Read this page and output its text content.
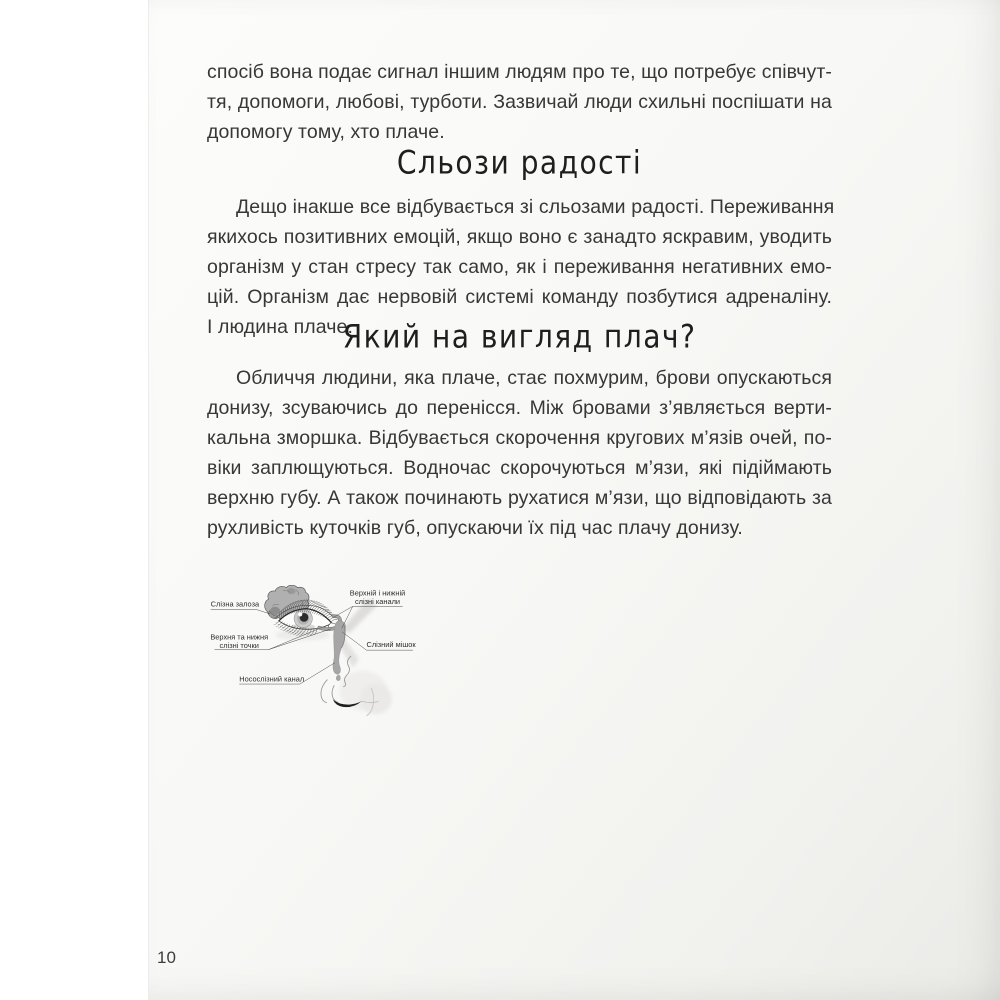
спосіб вона подає сигнал іншим людям про те, що потребує співчут-
тя, допомоги, любові, турботи. Зазвичай люди схильні поспішати на
допомогу тому, хто плаче.
Сльози радості
Дещо інакше все відбувається зі сльозами радості. Переживання
якихось позитивних емоцій, якщо воно є занадто яскравим, уводить
організм у стан стресу так само, як і переживання негативних емо-
цій. Організм дає нервовій системі команду позбутися адреналіну.
І людина плаче.
Який на вигляд плач?
Обличчя людини, яка плаче, стає похмурим, брови опускаються
донизу, зсуваючись до перенісся. Між бровами з’являється верти-
кальна зморшка. Відбувається скорочення кругових м’язів очей, по-
віки заплющуються. Водночас скорочуються м’язи, які підіймають
верхню губу. А також починають рухатися м’язи, що відповідають за
рухливість куточків губ, опускаючи їх під час плачу донизу.
Слізна залоза
Верхня та нижня
слізні точки
Верхній і нижній
слізні канали
Слізний мішок
Носослізний канал
10
